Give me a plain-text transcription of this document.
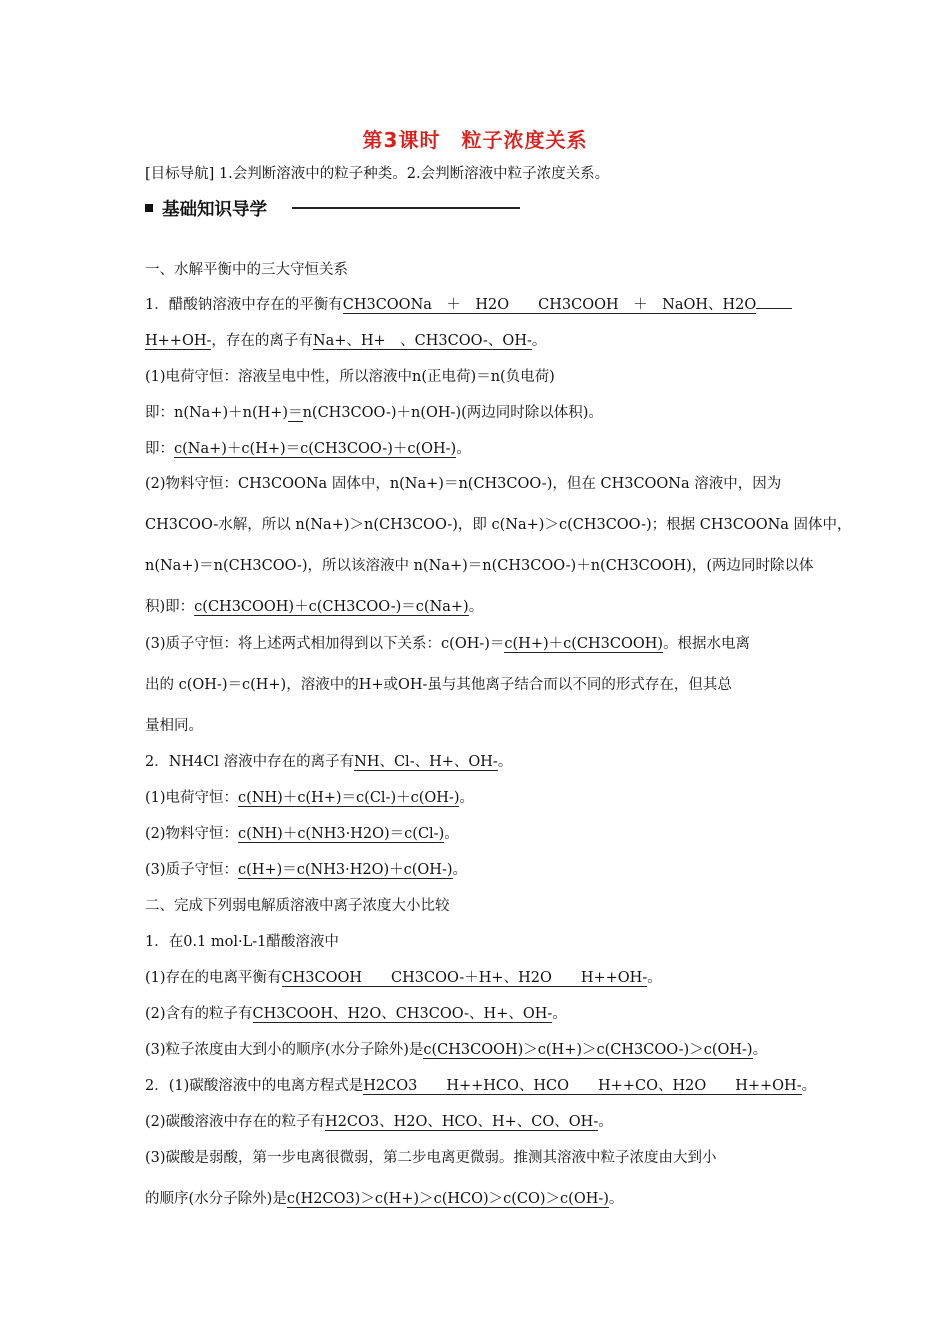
第3课时　粒子浓度关系
[目标导航] 1.会判断溶液中的粒子种类。2.会判断溶液中粒子浓度关系。
基础知识导学
一、水解平衡中的三大守恒关系
1．醋酸钠溶液中存在的平衡有CH3COONa　＋　H2O　　CH3COOH　＋　NaOH、H2O
H++OH-，存在的离子有Na+、H+　、CH3COO-、OH-。
(1)电荷守恒：溶液呈电中性，所以溶液中n(正电荷)＝n(负电荷)
即：n(Na+)＋n(H+)＝n(CH3COO-)＋n(OH-)(两边同时除以体积)。
即：c(Na+)＋c(H+)＝c(CH3COO-)＋c(OH-)。
(2)物料守恒：CH3COONa 固体中，n(Na+)＝n(CH3COO-)，但在 CH3COONa 溶液中，因为
CH3COO-水解，所以 n(Na+)＞n(CH3COO-)，即 c(Na+)＞c(CH3COO-)；根据 CH3COONa 固体中，
n(Na+)＝n(CH3COO-)，所以该溶液中 n(Na+)＝n(CH3COO-)＋n(CH3COOH)，(两边同时除以体
积)即：c(CH3COOH)＋c(CH3COO-)＝c(Na+)。
(3)质子守恒：将上述两式相加得到以下关系：c(OH-)＝c(H+)＋c(CH3COOH)。根据水电离
出的 c(OH-)＝c(H+)，溶液中的H+或OH-虽与其他离子结合而以不同的形式存在，但其总
量相同。
2．NH4Cl 溶液中存在的离子有NH、Cl-、H+、OH-。
(1)电荷守恒：c(NH)＋c(H+)＝c(Cl-)＋c(OH-)。
(2)物料守恒：c(NH)＋c(NH3·H2O)＝c(Cl-)。
(3)质子守恒：c(H+)＝c(NH3·H2O)＋c(OH-)。
二、完成下列弱电解质溶液中离子浓度大小比较
1．在0.1 mol·L-1醋酸溶液中
(1)存在的电离平衡有CH3COOH　　CH3COO-＋H+、H2O　　H++OH-。
(2)含有的粒子有CH3COOH、H2O、CH3COO-、H+、OH-。
(3)粒子浓度由大到小的顺序(水分子除外)是c(CH3COOH)＞c(H+)＞c(CH3COO-)＞c(OH-)。
2．(1)碳酸溶液中的电离方程式是H2CO3　　H++HCO、HCO　　H++CO、H2O　　H++OH-。
(2)碳酸溶液中存在的粒子有H2CO3、H2O、HCO、H+、CO、OH-。
(3)碳酸是弱酸，第一步电离很微弱，第二步电离更微弱。推测其溶液中粒子浓度由大到小
的顺序(水分子除外)是c(H2CO3)＞c(H+)＞c(HCO)＞c(CO)＞c(OH-)。
